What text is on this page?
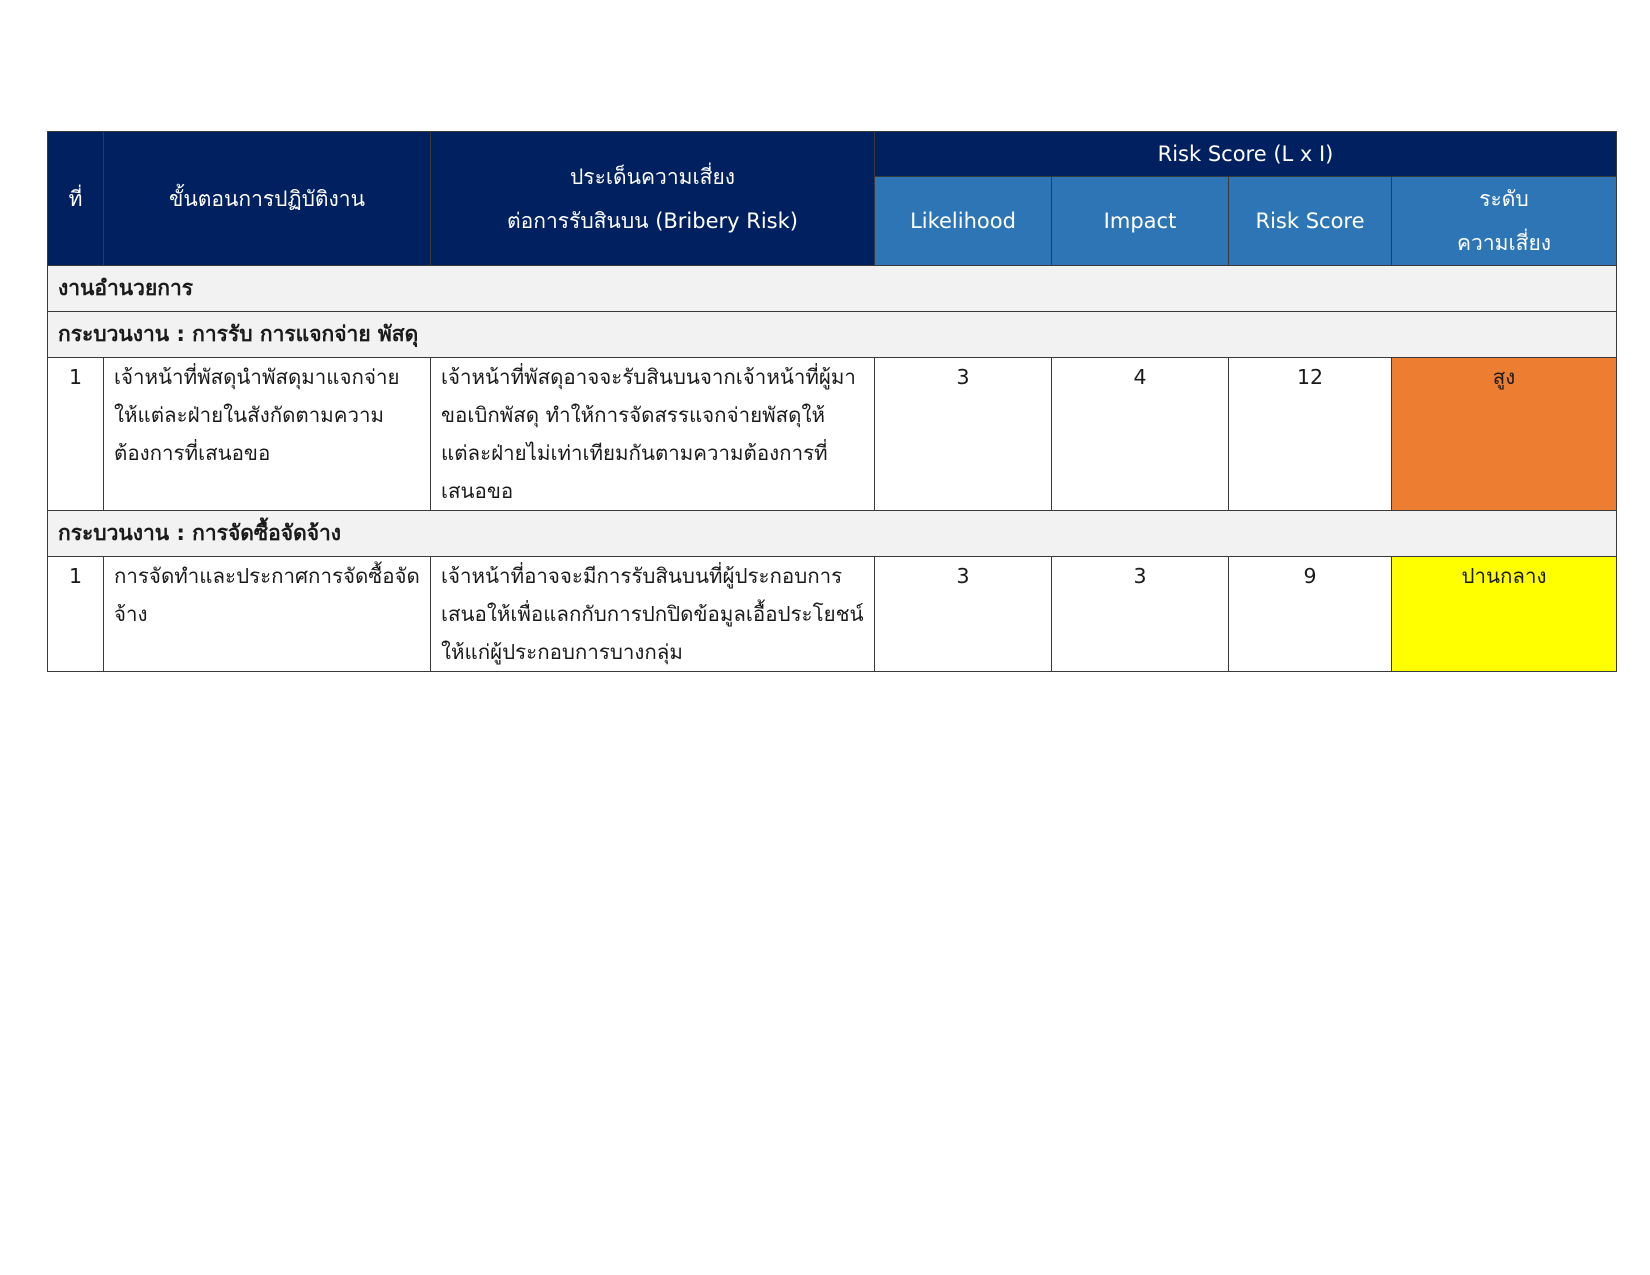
ที่	ขั้นตอนการปฏิบัติงาน	ประเด็นความเสี่ยง
ต่อการรับสินบน (Bribery Risk)	Risk Score (L x I)			

			Likelihood	Impact	Risk Score	ระดับ
ความเสี่ยง

งานอำนวยการ						
กระบวนงาน : การรับ การแจกจ่าย พัสดุ						
1	เจ้าหน้าที่พัสดุนำพัสดุมาแจกจ่ายให้แต่ละฝ่ายในสังกัดตามความต้องการที่เสนอขอ	เจ้าหน้าที่พัสดุอาจจะรับสินบนจากเจ้าหน้าที่ผู้มาขอเบิกพัสดุ ทำให้การจัดสรรแจกจ่ายพัสดุให้ แต่ละฝ่ายไม่เท่าเทียมกันตามความต้องการที่เสนอขอ	3	4	12	สูง
กระบวนงาน : การจัดซื้อจัดจ้าง						
1	การจัดทำและประกาศการจัดซื้อจัดจ้าง	เจ้าหน้าที่อาจจะมีการรับสินบนที่ผู้ประกอบการเสนอให้เพื่อแลกกับการปกปิดข้อมูลเอื้อประโยชน์ให้แก่ผู้ประกอบการบางกลุ่ม	3	3	9	ปานกลาง
